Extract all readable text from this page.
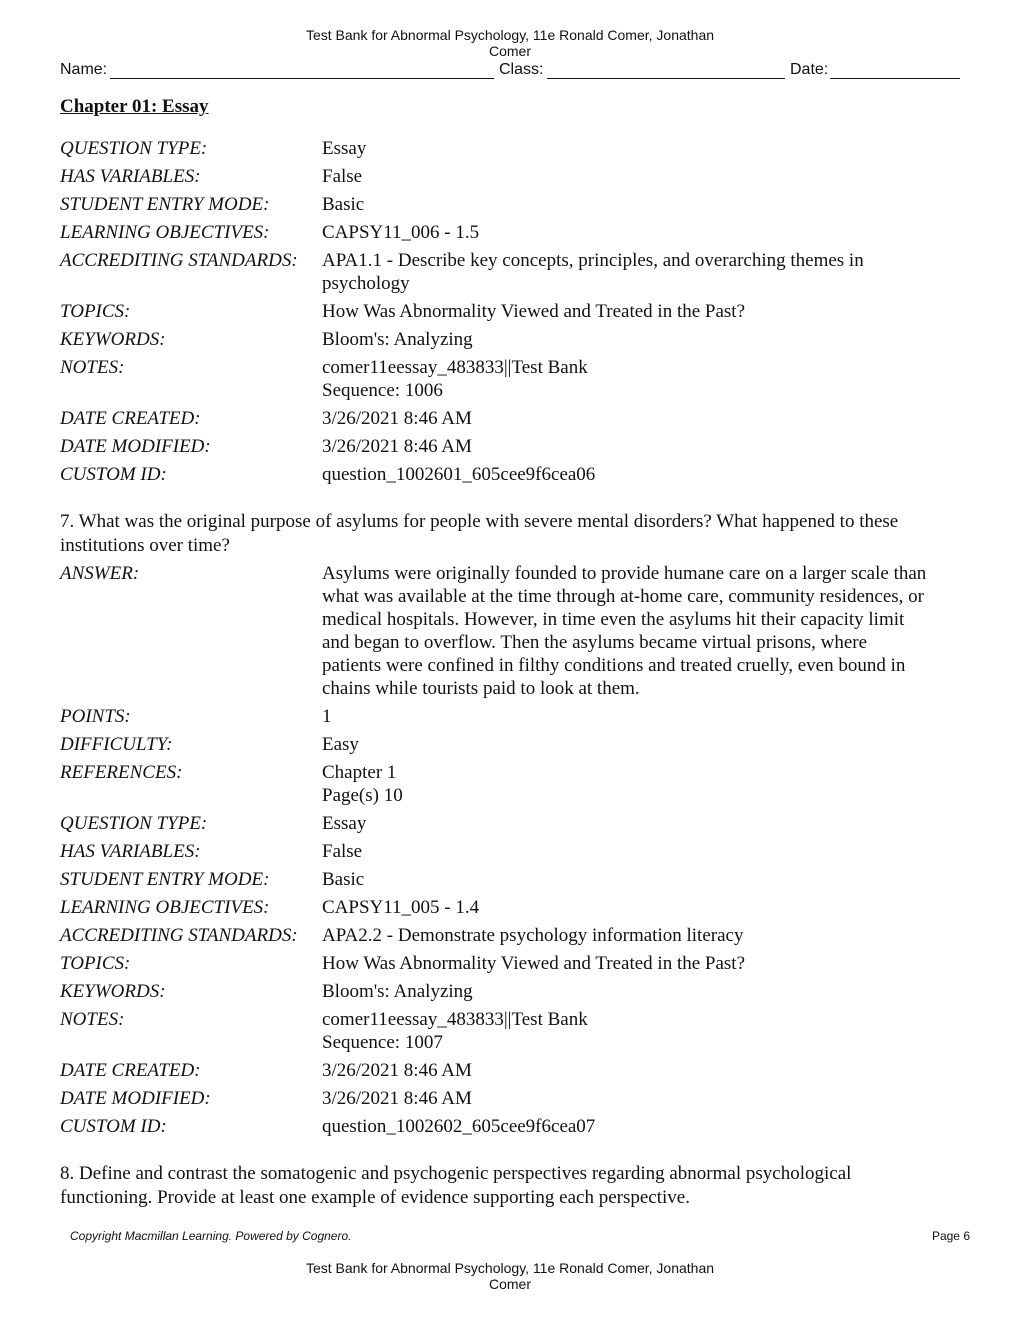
Test Bank for Abnormal Psychology, 11e Ronald Comer, Jonathan
Comer
Name:	Class:	Date:
Chapter 01: Essay
QUESTION TYPE:	Essay
HAS VARIABLES:	False
STUDENT ENTRY MODE:	Basic
LEARNING OBJECTIVES:	CAPSY11_006 - 1.5
ACCREDITING STANDARDS:	APA1.1 - Describe key concepts, principles, and overarching themes in
psychology
TOPICS:	How Was Abnormality Viewed and Treated in the Past?
KEYWORDS:	Bloom's: Analyzing
NOTES:	comer11eessay_483833||Test Bank
Sequence: 1006
DATE CREATED:	3/26/2021 8:46 AM
DATE MODIFIED:	3/26/2021 8:46 AM
CUSTOM ID:	question_1002601_605cee9f6cea06
7. What was the original purpose of asylums for people with severe mental disorders? What happened to these
institutions over time?
ANSWER:	Asylums were originally founded to provide humane care on a larger scale than
what was available at the time through at-home care, community residences, or
medical hospitals. However, in time even the asylums hit their capacity limit
and began to overflow. Then the asylums became virtual prisons, where
patients were confined in filthy conditions and treated cruelly, even bound in
chains while tourists paid to look at them.
POINTS:	1
DIFFICULTY:	Easy
REFERENCES:	Chapter 1
Page(s) 10
QUESTION TYPE:	Essay
HAS VARIABLES:	False
STUDENT ENTRY MODE:	Basic
LEARNING OBJECTIVES:	CAPSY11_005 - 1.4
ACCREDITING STANDARDS:	APA2.2 - Demonstrate psychology information literacy
TOPICS:	How Was Abnormality Viewed and Treated in the Past?
KEYWORDS:	Bloom's: Analyzing
NOTES:	comer11eessay_483833||Test Bank
Sequence: 1007
DATE CREATED:	3/26/2021 8:46 AM
DATE MODIFIED:	3/26/2021 8:46 AM
CUSTOM ID:	question_1002602_605cee9f6cea07
8. Define and contrast the somatogenic and psychogenic perspectives regarding abnormal psychological
functioning. Provide at least one example of evidence supporting each perspective.
Copyright Macmillan Learning. Powered by Cognero.	Page 6
Test Bank for Abnormal Psychology, 11e Ronald Comer, Jonathan
Comer
